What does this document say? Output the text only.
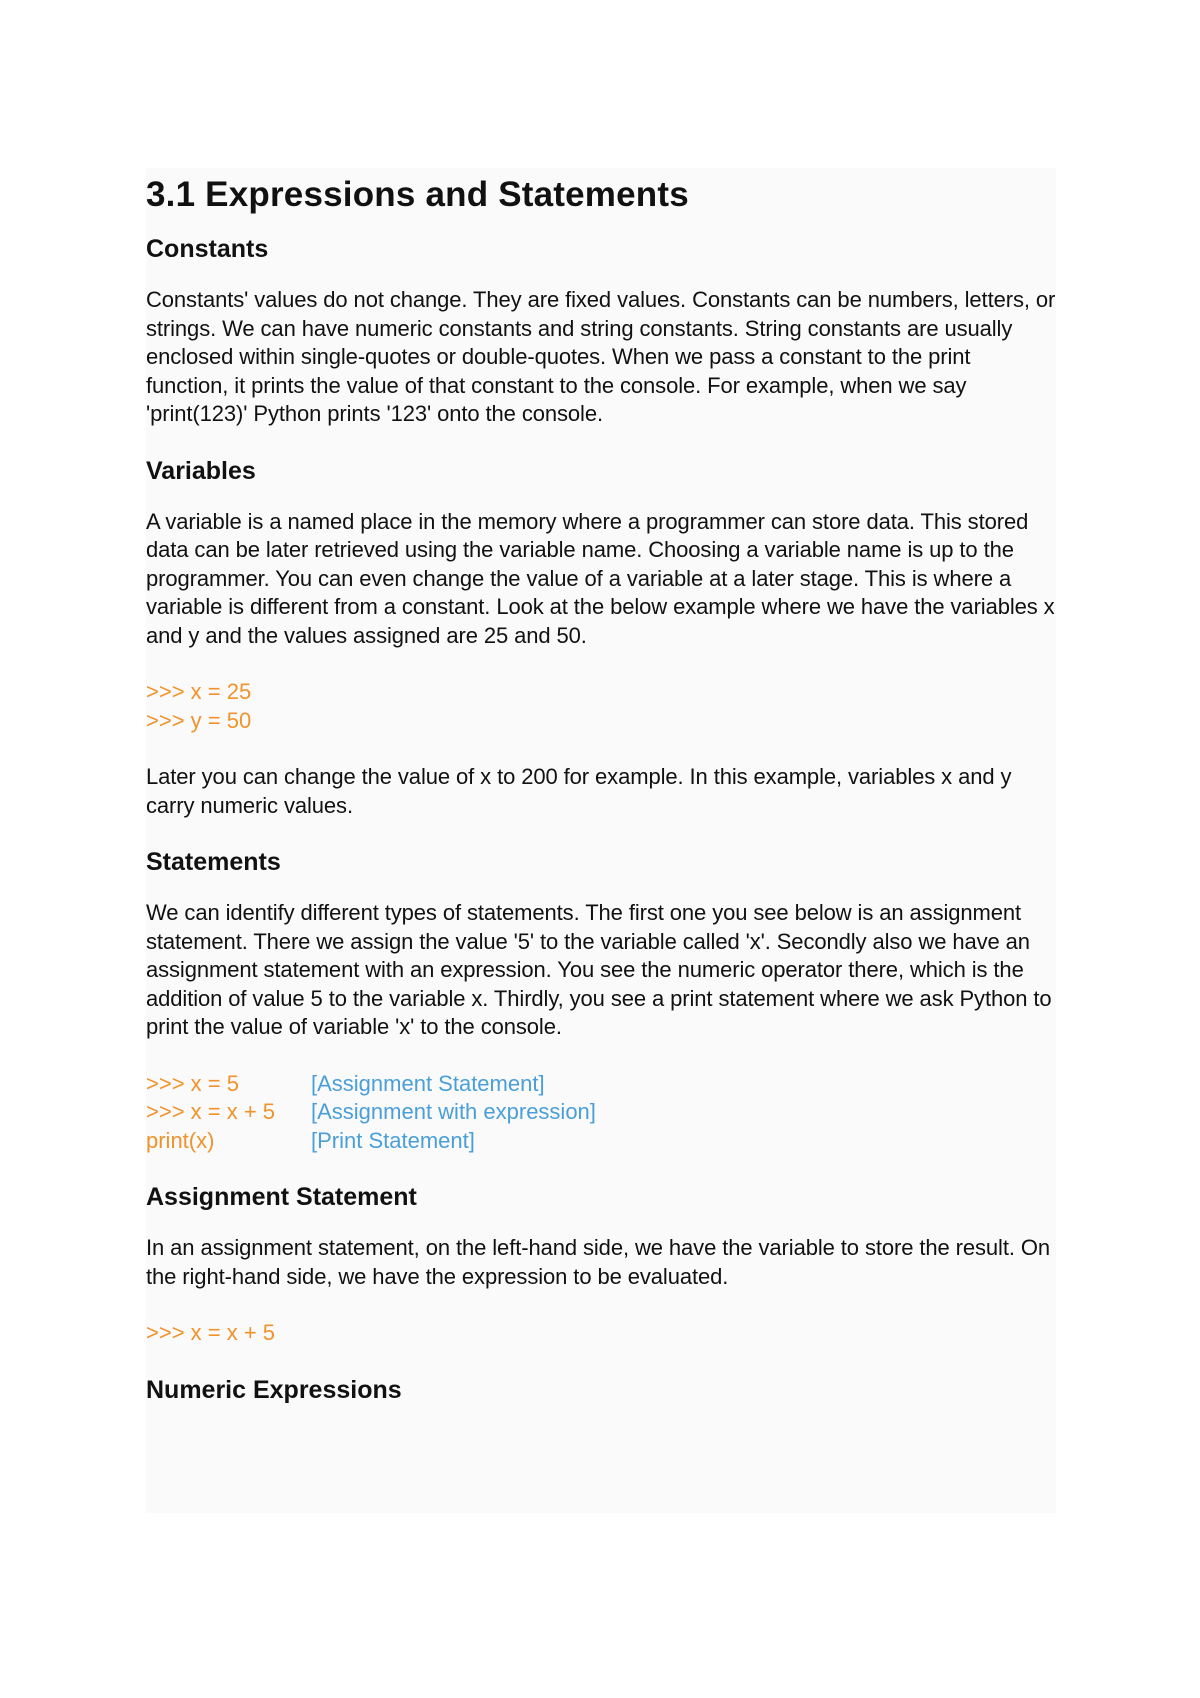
3.1 Expressions and Statements
Constants

Constants' values do not change. They are fixed values. Constants can be numbers, letters, or strings. We can have numeric constants and string constants. String constants are usually enclosed within single-quotes or double-quotes. When we pass a constant to the print function, it prints the value of that constant to the console. For example, when we say 'print(123)' Python prints '123' onto the console.

Variables

A variable is a named place in the memory where a programmer can store data. This stored data can be later retrieved using the variable name. Choosing a variable name is up to the programmer. You can even change the value of a variable at a later stage. This is where a variable is different from a constant. Look at the below example where we have the variables x and y and the values assigned are 25 and 50.

>>> x = 25
>>> y = 50

Later you can change the value of x to 200 for example. In this example, variables x and y carry numeric values.

Statements

We can identify different types of statements. The first one you see below is an assignment statement. There we assign the value '5' to the variable called 'x'. Secondly also we have an assignment statement with an expression. You see the numeric operator there, which is the addition of value 5 to the variable x. Thirdly, you see a print statement where we ask Python to print the value of variable 'x' to the console.

>>> x = 5	[Assignment Statement]
>>> x = x + 5	[Assignment with expression]
print(x)	[Print Statement]
Assignment Statement

In an assignment statement, on the left-hand side, we have the variable to store the result. On the right-hand side, we have the expression to be evaluated.

>>> x = x + 5
Numeric Expressions
